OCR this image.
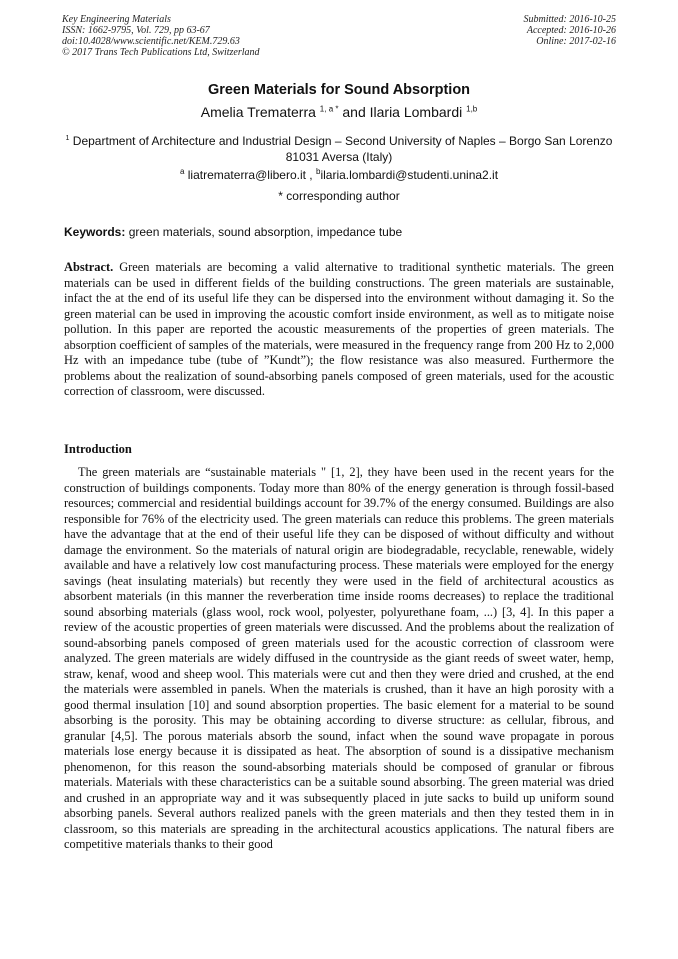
Key Engineering Materials
ISSN: 1662-9795, Vol. 729, pp 63-67
doi:10.4028/www.scientific.net/KEM.729.63
© 2017 Trans Tech Publications Ltd, Switzerland
Submitted: 2016-10-25
Accepted: 2016-10-26
Online: 2017-02-16
Green Materials for Sound Absorption
Amelia Trematerra $^{1, a *}$ and Ilaria Lombardi $^{1,b}$
$^1$ Department of Architecture and Industrial Design – Second University of Naples – Borgo San Lorenzo 81031 Aversa (Italy)
$^a$ liatrematerra@libero.it , $^b$ilaria.lombardi@studenti.unina2.it
* corresponding author
Keywords: green materials, sound absorption, impedance tube
Abstract. Green materials are becoming a valid alternative to traditional synthetic materials. The green materials can be used in different fields of the building constructions. The green materials are sustainable, infact the at the end of its useful life they can be dispersed into the environment without damaging it. So the green material can be used in improving the acoustic comfort inside environment, as well as to mitigate noise pollution. In this paper are reported the acoustic measurements of the properties of green materials. The absorption coefficient of samples of the materials, were measured in the frequency range from 200 Hz to 2,000 Hz with an impedance tube (tube of ”Kundt”); the flow resistance was also measured. Furthermore the problems about the realization of sound-absorbing panels composed of green materials, used for the acoustic correction of classroom, were discussed.
Introduction
The green materials are “sustainable materials " [1, 2], they have been used in the recent years for the construction of buildings components. Today more than 80% of the energy generation is through fossil-based resources; commercial and residential buildings account for 39.7% of the energy consumed. Buildings are also responsible for 76% of the electricity used. The green materials can reduce this problems. The green materials have the advantage that at the end of their useful life they can be disposed of without difficulty and without damage the environment. So the materials of natural origin are biodegradable, recyclable, renewable, widely available and have a relatively low cost manufacturing process. These materials were employed for the energy savings (heat insulating materials) but recently they were used in the field of architectural acoustics as absorbent materials (in this manner the reverberation time inside rooms decreases) to replace the traditional sound absorbing materials (glass wool, rock wool, polyester, polyurethane foam, ...) [3, 4]. In this paper a review of the acoustic properties of green materials were discussed. And the problems about the realization of sound-absorbing panels composed of green materials used for the acoustic correction of classroom were analyzed. The green materials are widely diffused in the countryside as the giant reeds of sweet water, hemp, straw, kenaf, wood and sheep wool. This materials were cut and then they were dried and crushed, at the end the materials were assembled in panels. When the materials is crushed, than it have an high porosity with a good thermal insulation [10] and sound absorption properties. The basic element for a material to be sound absorbing is the porosity. This may be obtaining according to diverse structure: as cellular, fibrous, and granular [4,5]. The porous materials absorb the sound, infact when the sound wave propagate in porous materials lose energy because it is dissipated as heat. The absorption of sound is a dissipative mechanism phenomenon, for this reason the sound-absorbing materials should be composed of granular or fibrous materials. Materials with these characteristics can be a suitable sound absorbing. The green material was dried and crushed in an appropriate way and it was subsequently placed in jute sacks to build up uniform sound absorbing panels. Several authors realized panels with the green materials and then they tested them in in classroom, so this materials are spreading in the architectural acoustics applications. The natural fibers are competitive materials thanks to their good
